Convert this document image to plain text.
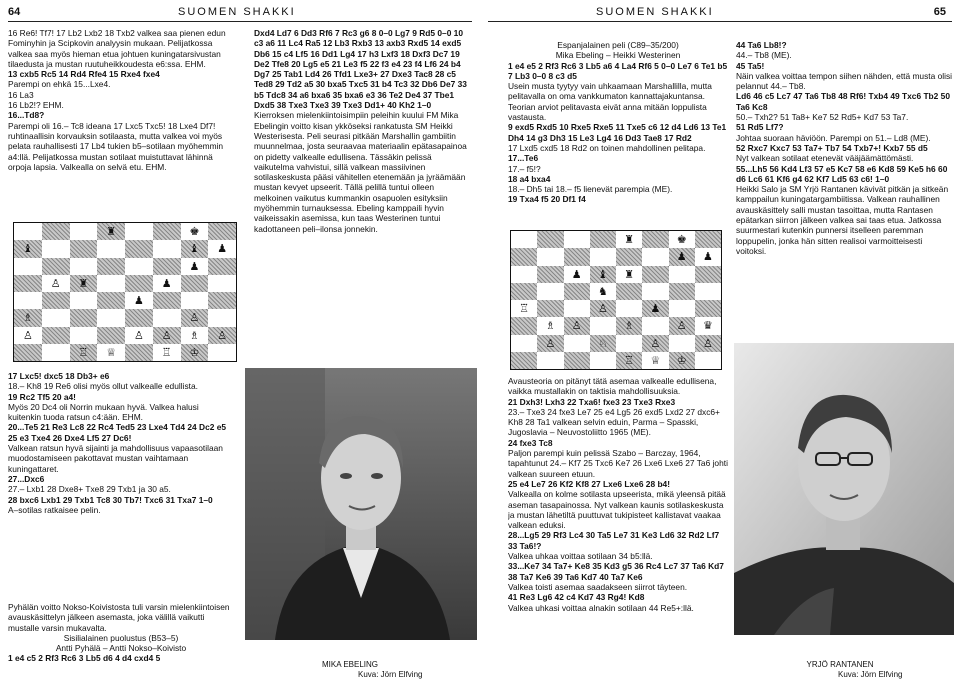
64	SUOMEN SHAKKI

16 Re6! Tf7! 17 Lb2 Lxb2 18 Txb2 valkea saa pienen edun Fominyhin ja Scipkovin analyysin mukaan. Pelijatkossa valkea saa myös hieman etua johtuen kuningatarsivustan tilaedusta ja mustan ruutuheikkoudesta e6:ssa. EHM.

13 cxb5 Rc5 14 Rd4 Rfe4 15 Rxe4 fxe4

Parempi on ehkä 15...Lxe4.

16 La3

16 Lb2!? EHM.

16...Td8?

Parempi oli 16.– Tc8 ideana 17 Lxc5 Txc5! 18 Lxe4 Df7! ruhtinaallisin korvauksin sotilaasta, mutta valkea voi myös pelata rauhallisesti 17 Lb4 tukien b5–sotilaan myöhemmin a4:llä. Pelijatkossa mustan sotilaat muistuttavat lähinnä orpoja lapsia. Valkealla on selvä etu. EHM.

♜	♚
♝	♝ ♟
♟
♙ ♜	♟
♟
♗	♙
♙	♙ ♙ ♗ ♙
♖ ♕	♖ ♔

Dxd4 Ld7 6 Dd3 Rf6 7 Rc3 g6 8 0–0 Lg7 9 Rd5 0–0 10 c3 a6 11 Lc4 Ra5 12 Lb3 Rxb3 13 axb3 Rxd5 14 exd5 Db6 15 c4 Lf5 16 Dd1 Lg4 17 h3 Lxf3 18 Dxf3 Dc7 19 De2 Tfe8 20 Lg5 e5 21 Le3 f5 22 f3 e4 23 f4 Lf6 24 b4 Dg7 25 Tab1 Ld4 26 Tfd1 Lxe3+ 27 Dxe3 Tac8 28 c5 Ted8 29 Td2 a5 30 bxa5 Txc5 31 b4 Tc3 32 Db6 De7 33 b5 Tdc8 34 a6 bxa6 35 bxa6 e3 36 Te2 De4 37 Tbe1 Dxd5 38 Txe3 Txe3 39 Txe3 Dd1+ 40 Kh2 1–0

Kierroksen mielenkiintoisimpiin peleihin kuului FM Mika Ebelingin voitto kisan ykköseksi rankatusta SM Heikki Westerisesta. Peli seurasi pitkään Marshallin gambiitin muunnelmaa, josta seuraavaa materiaalin epätasapainoa on pidetty valkealle edullisena. Tässäkin pelissä vaikutelma vahvistui, sillä valkean massiivinen sotilaskeskusta pääsi vähitellen etenemään ja jyräämään mustan kevyet upseerit. Tällä pelillä tuntui olleen melkoinen vaikutus kummankin osapuolen esityksiin myöhemmin turnauksessa. Ebeling kamppaili hyvin vaikeissakin asemissa, kun taas Westerinen tuntui kadottaneen peli–ilonsa jonnekin.

17 Lxc5! dxc5 18 Db3+ e6

18.– Kh8 19 Re6 olisi myös ollut valkealle edullista.

19 Rc2 Tf5 20 a4!

Myös 20 Dc4 oli Norrin mukaan hyvä. Valkea halusi kuitenkin tuoda ratsun c4:ään. EHM.

20...Te5 21 Re3 Lc8 22 Rc4 Ted5 23 Lxe4 Td4 24 Dc2 e5 25 e3 Txe4 26 Dxe4 Lf5 27 Dc6!

Valkean ratsun hyvä sijainti ja mahdollisuus vapaasotilaan muodostamiseen pakottavat mustan vaihtamaan kuningattaret.

27...Dxc6

27.– Lxb1 28 Dxe8+ Txe8 29 Txb1 ja 30 a5.

28 bxc6 Lxb1 29 Txb1 Tc8 30 Tb7! Txc6 31 Txa7 1–0

A–sotilas ratkaisee pelin.

Pyhälän voitto Nokso-Koivistosta tuli varsin mielenkiintoisen avauskäsittelyn jälkeen asemasta, joka välillä vaikutti mustalle varsin mukavalta.

Sisilialainen puolustus (B53–5)

Antti Pyhälä – Antti Nokso–Koivisto

1 e4 c5 2 Rf3 Rc6 3 Lb5 d6 4 d4 cxd4 5

MIKA EBELING
Kuva: Jörn Elfving
SUOMEN SHAKKI	65

Espanjalainen peli (C89–35/200)

Mika Ebeling – Heikki Westerinen

1 e4 e5 2 Rf3 Rc6 3 Lb5 a6 4 La4 Rf6 5 0–0 Le7 6 Te1 b5 7 Lb3 0–0 8 c3 d5

Usein musta tyytyy vain uhkaamaan Marshallilla, mutta pelitavalla on oma vankkumaton kannattajakuntansa. Teorian arviot pelitavasta eivät anna mitään loppulista vastausta.

9 exd5 Rxd5 10 Rxe5 Rxe5 11 Txe5 c6 12 d4 Ld6 13 Te1 Dh4 14 g3 Dh3 15 Le3 Lg4 16 Dd3 Tae8 17 Rd2

17 Lxd5 cxd5 18 Rd2 on toinen mahdollinen pelitapa.

17...Te6

17.– f5!?

18 a4 bxa4

18.– Dh5 tai 18.– f5 lienevät parempia (ME).

19 Txa4 f5 20 Df1 f4

♜	♚
♟ ♟
♟ ♝ ♜
♞
♖	♙	♟
♗ ♙	♗	♙ ♛
♙	♘	♙	♙
♖ ♕ ♔

44 Ta6 Lb8!?

44.– Tb8 (ME).

45 Ta5!

Näin valkea voittaa tempon siihen nähden, että musta olisi pelannut 44.– Tb8.

Ld6 46 c5 Lc7 47 Ta6 Tb8 48 Rf6! Txb4 49 Txc6 Tb2 50 Ta6 Kc8

50.– Txh2? 51 Ta8+ Ke7 52 Rd5+ Kd7 53 Ta7.

51 Rd5 Lf7?

Johtaa suoraan häviöön. Parempi on 51.– Ld8 (ME).

52 Rxc7 Kxc7 53 Ta7+ Tb7 54 Txb7+! Kxb7 55 d5

Nyt valkean sotilaat etenevät vääjäämättömästi.

55...Lh5 56 Kd4 Lf3 57 e5 Kc7 58 e6 Kd8 59 Ke5 h6 60 d6 Lc6 61 Kf6 g4 62 Kf7 Ld5 63 c6! 1–0

Heikki Salo ja SM Yrjö Rantanen kävivät pitkän ja sitkeän kamppailun kuningatargambiitissa. Valkean rauhallinen avauskäsittely salli mustan tasoittaa, mutta Rantasen epätarkan siirron jälkeen valkea sai taas etua. Jatkossa suurmestari kutenkin punnersi itselleen paremman loppupelin, jonka hän sitten realisoi varmoitteisesti voitoksi.

Avausteoria on pitänyt tätä asemaa valkealle edullisena, vaikka mustallakin on taktisia mahdollisuuksia.

21 Dxh3! Lxh3 22 Txa6! fxe3 23 Txe3 Rxe3

23.– Txe3 24 fxe3 Le7 25 e4 Lg5 26 exd5 Lxd2 27 dxc6+ Kh8 28 Ta1 valkean selvin eduin, Parma – Spasski, Jugoslavia – Neuvostoliitto 1965 (ME).

24 fxe3 Tc8

Paljon parempi kuin pelissä Szabo – Barczay, 1964, tapahtunut 24.– Kf7 25 Txc6 Ke7 26 Lxe6 Lxe6 27 Ta6 johti valkean suureen etuun.

25 e4 Le7 26 Kf2 Kf8 27 Lxe6 Lxe6 28 b4!

Valkealla on kolme sotilasta upseerista, mikä yleensä pitää aseman tasapainossa. Nyt valkean kaunis sotilaskeskusta ja mustan lähetiltä puuttuvat tukipisteet kallistavat vaakaa valkean eduksi.

28...Lg5 29 Rf3 Lc4 30 Ta5 Le7 31 Ke3 Ld6 32 Rd2 Lf7 33 Ta6!?

Valkea uhkaa voittaa sotilaan 34 b5:llä.

33...Ke7 34 Ta7+ Ke8 35 Kd3 g5 36 Rc4 Lc7 37 Ta6 Kd7 38 Ta7 Ke6 39 Ta6 Kd7 40 Ta7 Ke6

Valkea toisti asemaa saadakseen siirrot täyteen.

41 Re3 Lg6 42 c4 Kd7 43 Rg4! Kd8

Valkea uhkasi voittaa alnakin sotilaan 44 Re5+:llä.

YRJÖ RANTANEN
Kuva: Jörn Elfving
